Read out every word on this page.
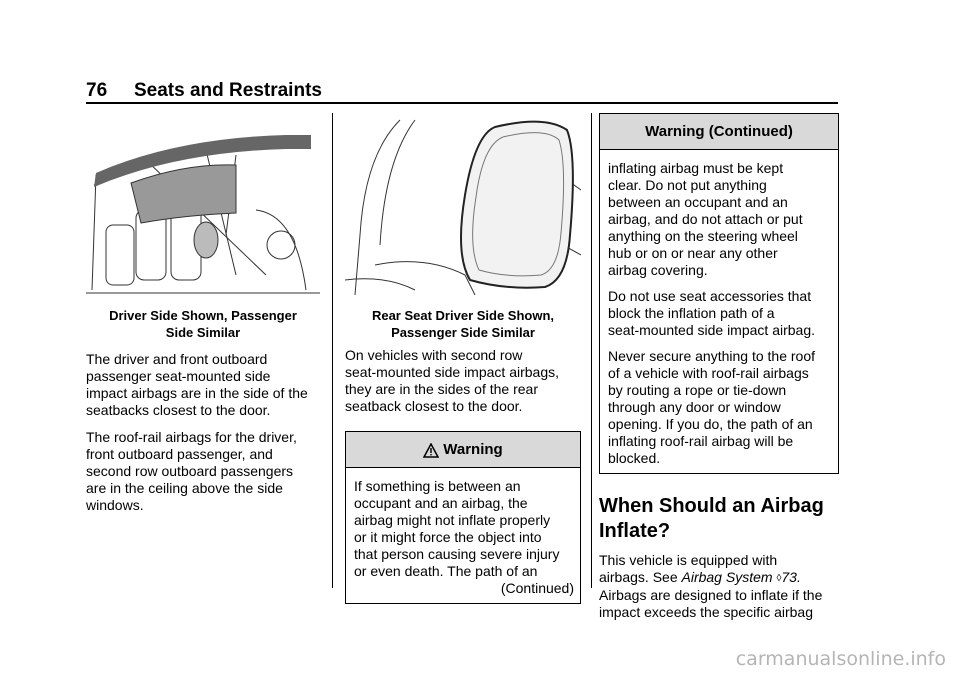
76 Seats and Restraints
Driver Side Shown, Passenger
Side Similar
The driver and front outboard
passenger seat-mounted side
impact airbags are in the side of the
seatbacks closest to the door.
The roof-rail airbags for the driver,
front outboard passenger, and
second row outboard passengers
are in the ceiling above the side
windows.
Rear Seat Driver Side Shown,
Passenger Side Similar
On vehicles with second row
seat-mounted side impact airbags,
they are in the sides of the rear
seatback closest to the door.
Warning
If something is between an
occupant and an airbag, the
airbag might not inflate properly
or it might force the object into
that person causing severe injury
or even death. The path of an
(Continued)
Warning (Continued)

inflating airbag must be kept
clear. Do not put anything
between an occupant and an
airbag, and do not attach or put
anything on the steering wheel
hub or on or near any other
airbag covering.

Do not use seat accessories that
block the inflation path of a
seat-mounted side impact airbag.

Never secure anything to the roof
of a vehicle with roof-rail airbags
by routing a rope or tie-down
through any door or window
opening. If you do, the path of an
inflating roof-rail airbag will be
blocked.

When Should an Airbag
Inflate?
This vehicle is equipped with
airbags. See Airbag System ◊73.
Airbags are designed to inflate if the
impact exceeds the specific airbag
carmanualsonline.info
